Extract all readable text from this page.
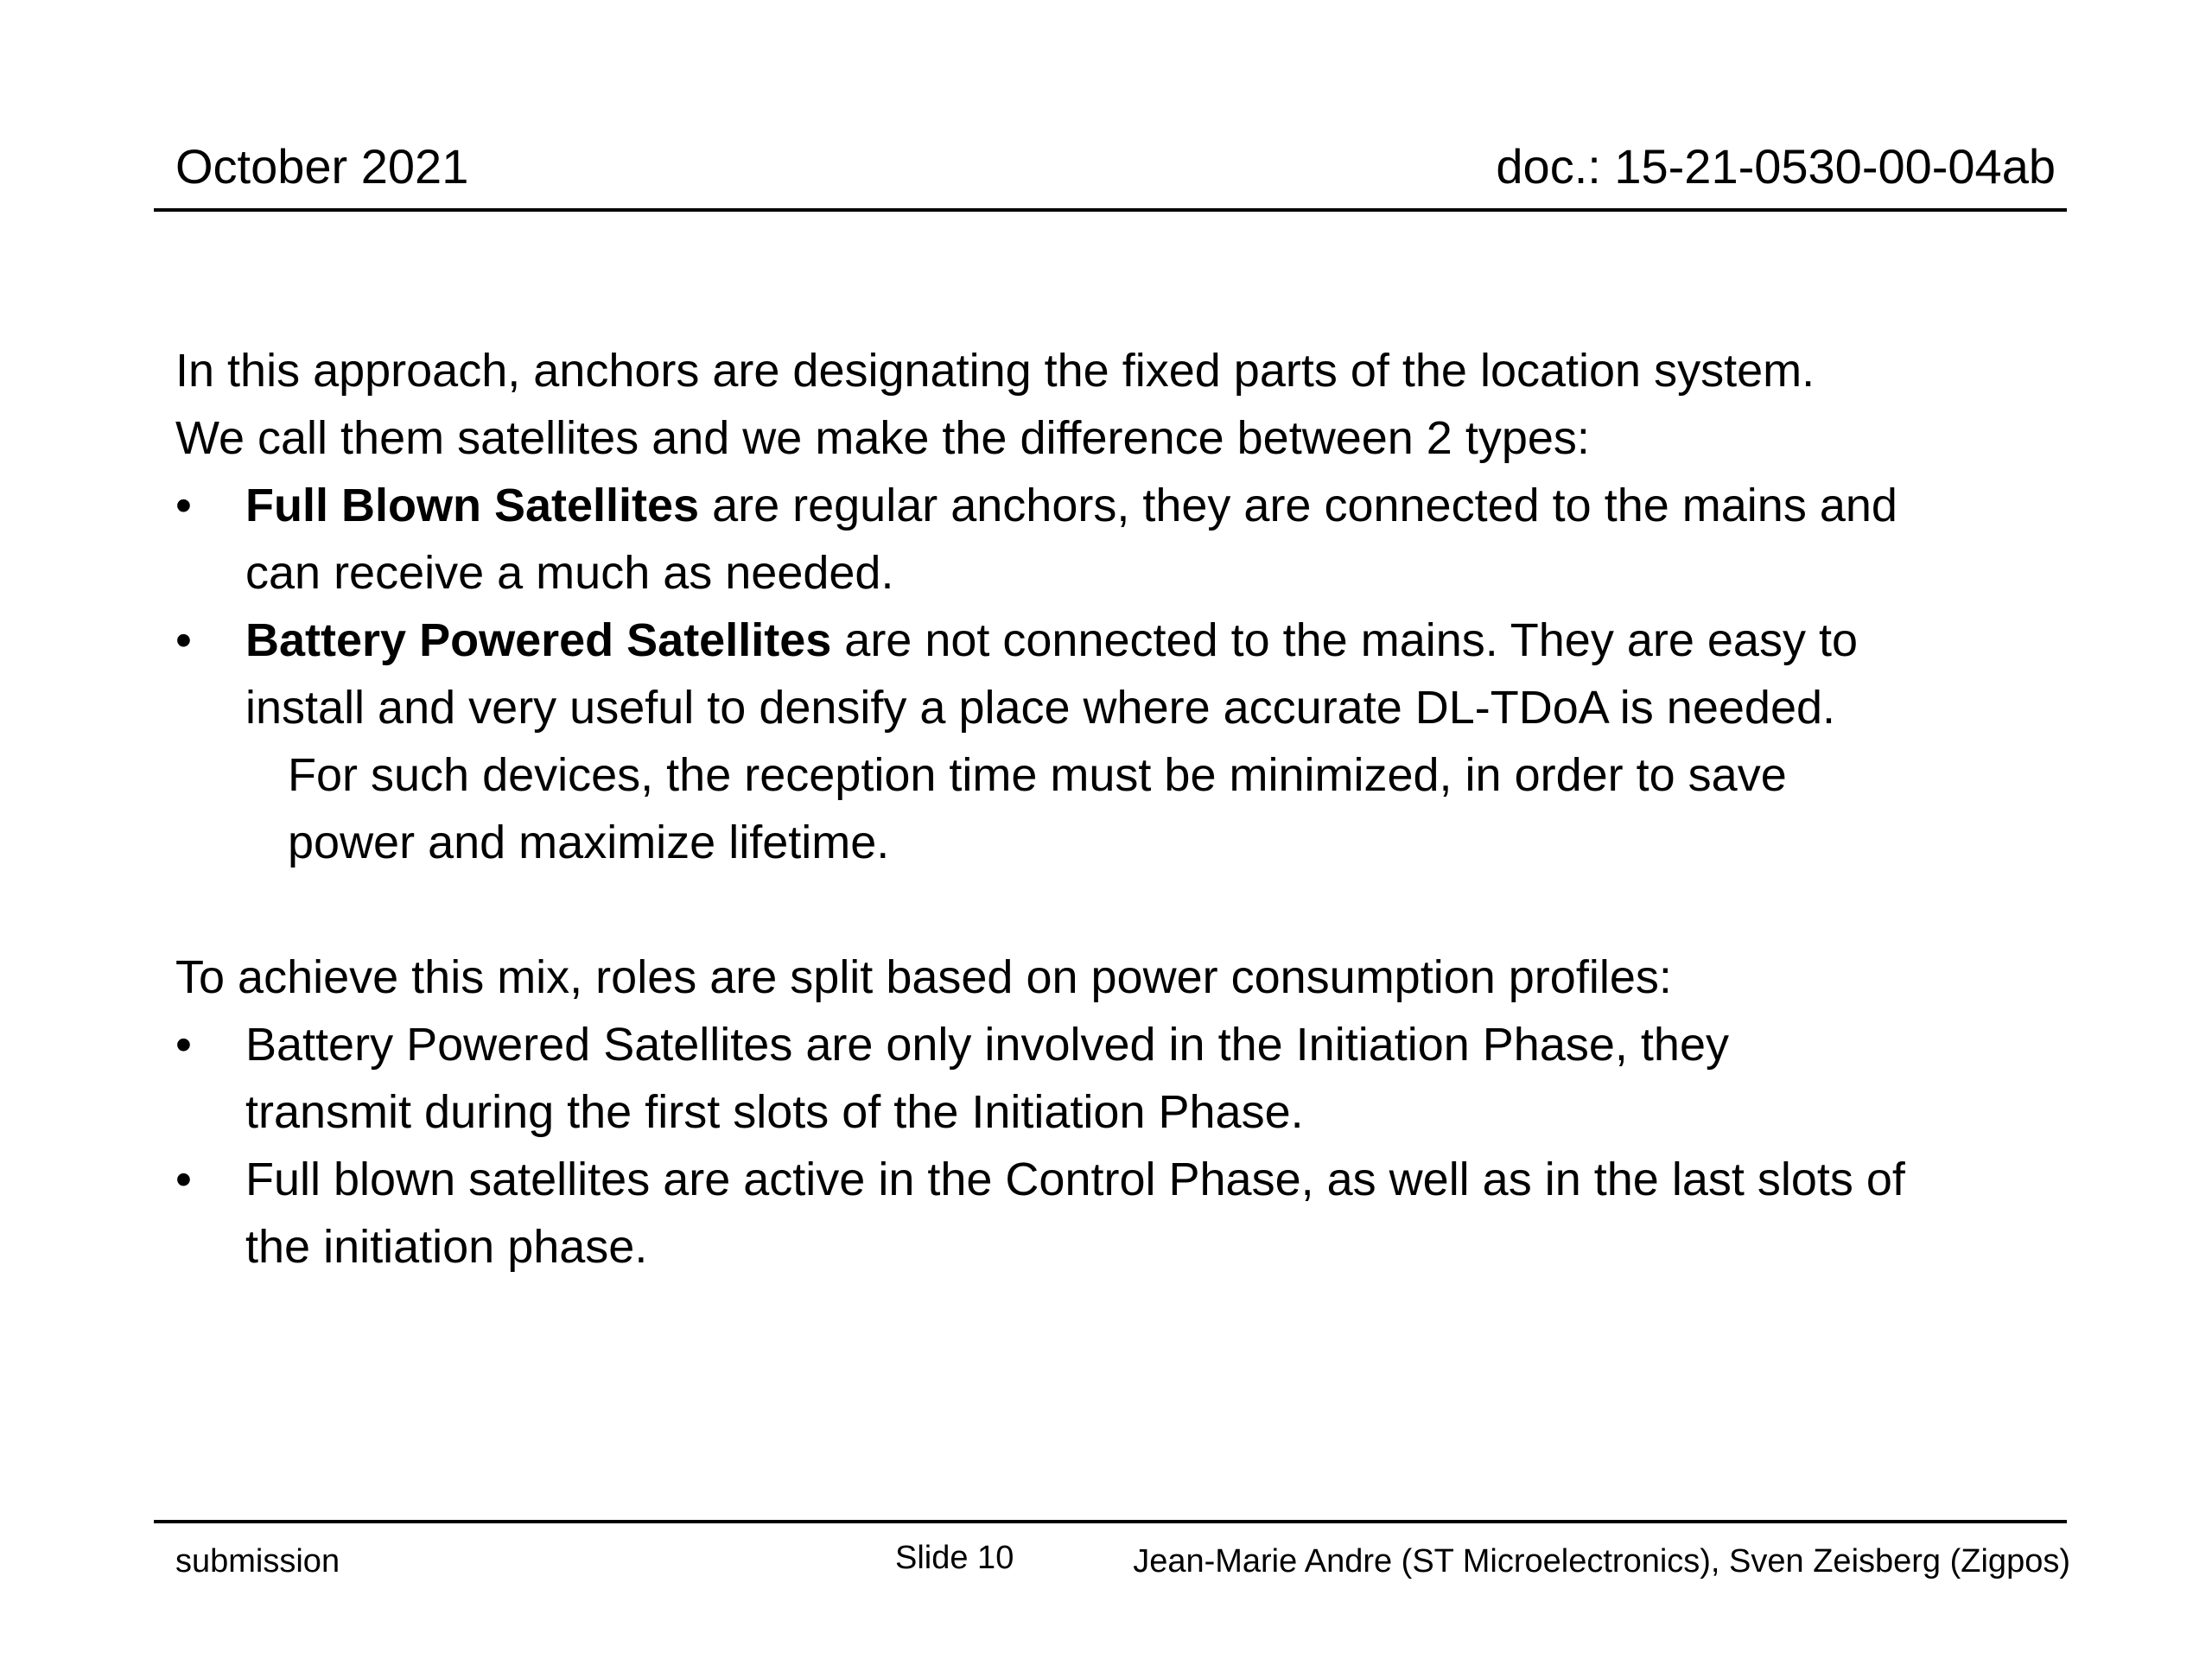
October 2021	doc.: 15-21-0530-00-04ab

In this approach, anchors are designating the fixed parts of the location system.

We call them satellites and we make the difference between 2 types:

•	Full Blown Satellites are regular anchors, they are connected to the mains and
can receive a much as needed.
•	Battery Powered Satellites are not connected to the mains. They are easy to
install and very useful to densify a place where accurate DL-TDoA is needed.
For such devices, the reception time must be minimized, in order to save
power and maximize lifetime.

To achieve this mix, roles are split based on power consumption profiles:

•	Battery Powered Satellites are only involved in the Initiation Phase, they
transmit during the first slots of the Initiation Phase.
•	Full blown satellites are active in the Control Phase, as well as in the last slots of
the initiation phase.
submission	Slide 10	Jean-Marie Andre (ST Microelectronics), Sven Zeisberg (Zigpos)
